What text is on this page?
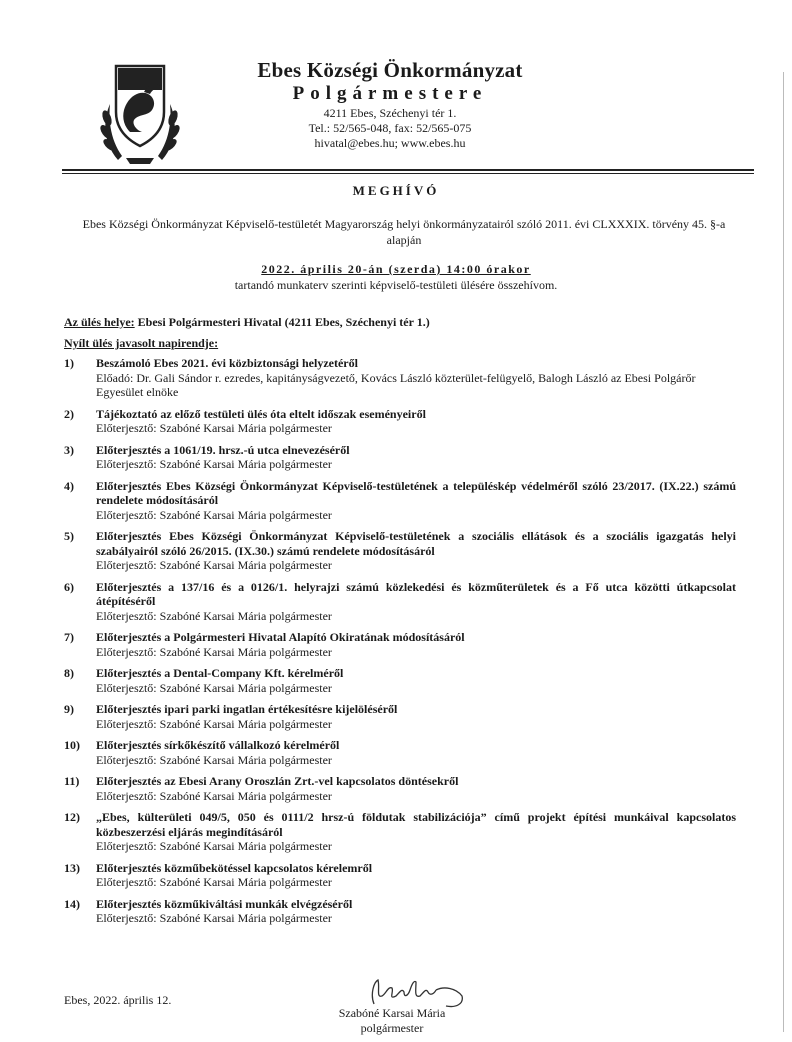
Ebes Községi Önkormányzat
Polgármestere
4211 Ebes, Széchenyi tér 1.
Tel.: 52/565-048, fax: 52/565-075
hivatal@ebes.hu; www.ebes.hu
MEGHÍVÓ
Ebes Községi Önkormányzat Képviselő-testületét Magyarország helyi önkormányzatairól szóló 2011. évi CLXXXIX. törvény 45. §-a alapján
2022. április 20-án (szerda) 14:00 órakor
tartandó munkaterv szerinti képviselő-testületi ülésére összehívom.
Az ülés helye: Ebesi Polgármesteri Hivatal (4211 Ebes, Széchenyi tér 1.)
Nyílt ülés javasolt napirendje:
1) Beszámoló Ebes 2021. évi közbiztonsági helyzetéről
Előadó: Dr. Gali Sándor r. ezredes, kapitányságvezető, Kovács László közterület-felügyelő, Balogh László az Ebesi Polgárőr Egyesület elnöke
2) Tájékoztató az előző testületi ülés óta eltelt időszak eseményeiről
Előterjesztő: Szabóné Karsai Mária polgármester
3) Előterjesztés a 1061/19. hrsz.-ú utca elnevezéséről
Előterjesztő: Szabóné Karsai Mária polgármester
4) Előterjesztés Ebes Községi Önkormányzat Képviselő-testületének a településkép védelméről szóló 23/2017. (IX.22.) számú rendelete módosításáról
Előterjesztő: Szabóné Karsai Mária polgármester
5) Előterjesztés Ebes Községi Önkormányzat Képviselő-testületének a szociális ellátások és a szociális igazgatás helyi szabályairól szóló 26/2015. (IX.30.) számú rendelete módosításáról
Előterjesztő: Szabóné Karsai Mária polgármester
6) Előterjesztés a 137/16 és a 0126/1. helyrajzi számú közlekedési és közműterületek és a Fő utca közötti útkapcsolat átépítéséről
Előterjesztő: Szabóné Karsai Mária polgármester
7) Előterjesztés a Polgármesteri Hivatal Alapító Okiratának módosításáról
Előterjesztő: Szabóné Karsai Mária polgármester
8) Előterjesztés a Dental-Company Kft. kérelméről
Előterjesztő: Szabóné Karsai Mária polgármester
9) Előterjesztés ipari parki ingatlan értékesítésre kijelöléséről
Előterjesztő: Szabóné Karsai Mária polgármester
10) Előterjesztés sírkőkészítő vállalkozó kérelméről
Előterjesztő: Szabóné Karsai Mária polgármester
11) Előterjesztés az Ebesi Arany Oroszlán Zrt.-vel kapcsolatos döntésekről
Előterjesztő: Szabóné Karsai Mária polgármester
12) „Ebes, külterületi 049/5, 050 és 0111/2 hrsz-ú földutak stabilizációja” című projekt építési munkáival kapcsolatos közbeszerzési eljárás megindításáról
Előterjesztő: Szabóné Karsai Mária polgármester
13) Előterjesztés közműbekötéssel kapcsolatos kérelemről
Előterjesztő: Szabóné Karsai Mária polgármester
14) Előterjesztés közműkiváltási munkák elvégzéséről
Előterjesztő: Szabóné Karsai Mária polgármester
Ebes, 2022. április 12.
Szabóné Karsai Mária
polgármester
